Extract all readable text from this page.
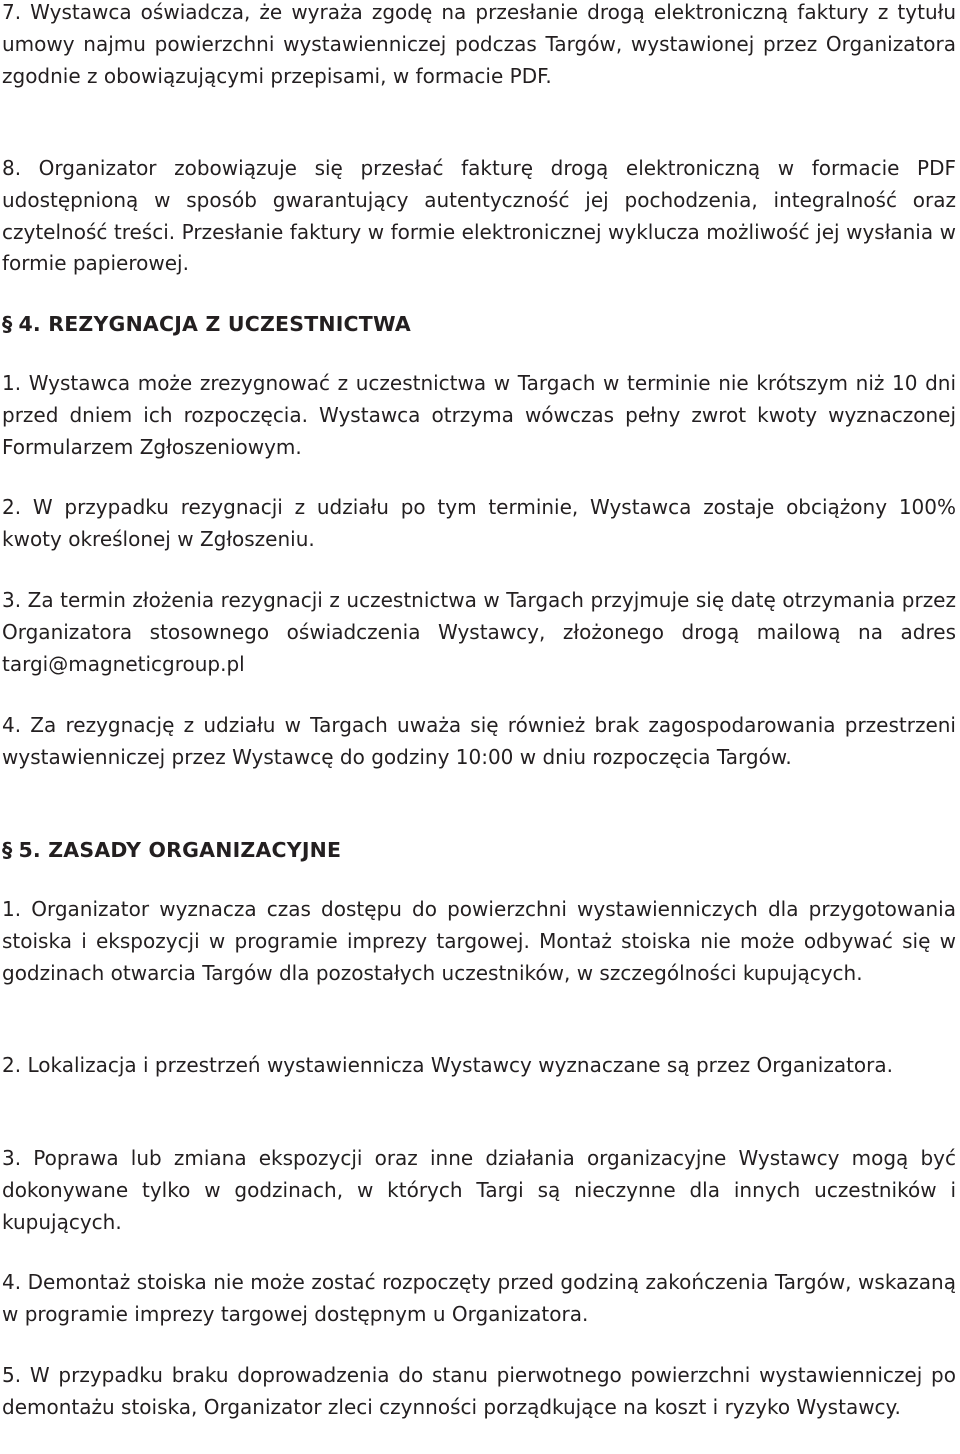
7. Wystawca oświadcza, że wyraża zgodę na przesłanie drogą elektroniczną faktury z tytułu umowy najmu powierzchni wystawienniczej podczas Targów, wystawionej przez Organizatora zgodnie z obowiązującymi przepisami, w formacie PDF.

8. Organizator zobowiązuje się przesłać fakturę drogą elektroniczną w formacie PDF udostępnioną w sposób gwarantujący autentyczność jej pochodzenia, integralność oraz czytelność treści. Przesłanie faktury w formie elektronicznej wyklucza możliwość jej wysłania w formie papierowej.

§ 4. REZYGNACJA Z UCZESTNICTWA

1. Wystawca może zrezygnować z uczestnictwa w Targach w terminie nie krótszym niż 10 dni przed dniem ich rozpoczęcia. Wystawca otrzyma wówczas pełny zwrot kwoty wyznaczonej Formularzem Zgłoszeniowym.

2. W przypadku rezygnacji z udziału po tym terminie, Wystawca zostaje obciążony 100% kwoty określonej w Zgłoszeniu.

3. Za termin złożenia rezygnacji z uczestnictwa w Targach przyjmuje się datę otrzymania przez Organizatora stosownego oświadczenia Wystawcy, złożonego drogą mailową na adres targi@magneticgroup.pl

4. Za rezygnację z udziału w Targach uważa się również brak zagospodarowania przestrzeni wystawienniczej przez Wystawcę do godziny 10:00 w dniu rozpoczęcia Targów.

§ 5. ZASADY ORGANIZACYJNE

1. Organizator wyznacza czas dostępu do powierzchni wystawienniczych dla przygotowania stoiska i ekspozycji w programie imprezy targowej. Montaż stoiska nie może odbywać się w godzinach otwarcia Targów dla pozostałych uczestników, w szczególności kupujących.

2. Lokalizacja i przestrzeń wystawiennicza Wystawcy wyznaczane są przez Organizatora.

3. Poprawa lub zmiana ekspozycji oraz inne działania organizacyjne Wystawcy mogą być dokonywane tylko w godzinach, w których Targi są nieczynne dla innych uczestników i kupujących.

4. Demontaż stoiska nie może zostać rozpoczęty przed godziną zakończenia Targów, wskazaną w programie imprezy targowej dostępnym u Organizatora.

5. W przypadku braku doprowadzenia do stanu pierwotnego powierzchni wystawienniczej po demontażu stoiska, Organizator zleci czynności porządkujące na koszt i ryzyko Wystawcy.
